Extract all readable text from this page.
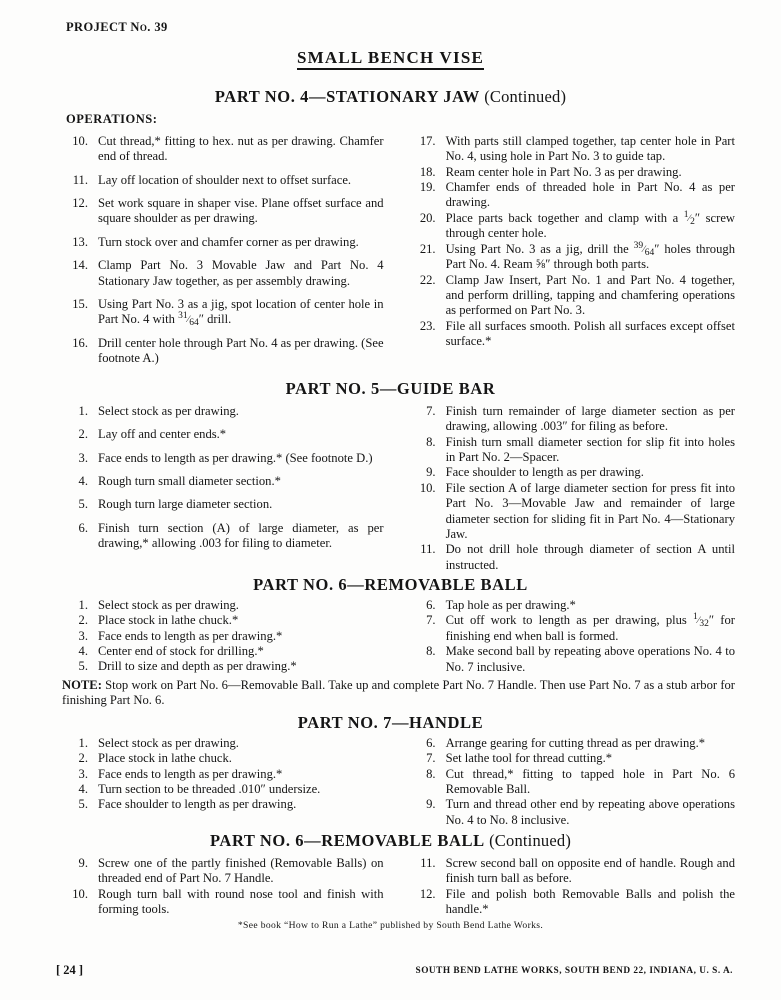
PROJECT No. 39
SMALL BENCH VISE
PART NO. 4—STATIONARY JAW (Continued)
OPERATIONS:
10. Cut thread,* fitting to hex. nut as per drawing. Chamfer end of thread.
11. Lay off location of shoulder next to offset surface.
12. Set work square in shaper vise. Plane offset surface and square shoulder as per drawing.
13. Turn stock over and chamfer corner as per drawing.
14. Clamp Part No. 3 Movable Jaw and Part No. 4 Stationary Jaw together, as per assembly drawing.
15. Using Part No. 3 as a jig, spot location of center hole in Part No. 4 with $^{31}⁄_{64}''$ drill.
16. Drill center hole through Part No. 4 as per drawing. (See footnote A.)
17. With parts still clamped together, tap center hole in Part No. 4, using hole in Part No. 3 to guide tap.
18. Ream center hole in Part No. 3 as per drawing.
19. Chamfer ends of threaded hole in Part No. 4 as per drawing.
20. Place parts back together and clamp with a $^1⁄_2''$ screw through center hole.
21. Using Part No. 3 as a jig, drill the $^{39}⁄_{64}''$ holes through Part No. 4. Ream ⅝″ through both parts.
22. Clamp Jaw Insert, Part No. 1 and Part No. 4 together, and perform drilling, tapping and chamfering operations as performed on Part No. 3.
23. File all surfaces smooth. Polish all surfaces except offset surface.*
PART NO. 5—GUIDE BAR
1. Select stock as per drawing.
2. Lay off and center ends.*
3. Face ends to length as per drawing.* (See footnote D.)
4. Rough turn small diameter section.*
5. Rough turn large diameter section.
6. Finish turn section (A) of large diameter, as per drawing,* allowing .003 for filing to diameter.
7. Finish turn remainder of large diameter section as per drawing, allowing .003″ for filing as before.
8. Finish turn small diameter section for slip fit into holes in Part No. 2—Spacer.
9. Face shoulder to length as per drawing.
10. File section A of large diameter section for press fit into Part No. 3—Movable Jaw and remainder of large diameter section for sliding fit in Part No. 4—Stationary Jaw.
11. Do not drill hole through diameter of section A until instructed.
PART NO. 6—REMOVABLE BALL
1. Select stock as per drawing.
2. Place stock in lathe chuck.*
3. Face ends to length as per drawing.*
4. Center end of stock for drilling.*
5. Drill to size and depth as per drawing.*
6. Tap hole as per drawing.*
7. Cut off work to length as per drawing, plus $^1⁄_{32}''$ for finishing end when ball is formed.
8. Make second ball by repeating above operations No. 4 to No. 7 inclusive.
NOTE: Stop work on Part No. 6—Removable Ball. Take up and complete Part No. 7 Handle. Then use Part No. 7 as a stub arbor for finishing Part No. 6.
PART NO. 7—HANDLE
1. Select stock as per drawing.
2. Place stock in lathe chuck.
3. Face ends to length as per drawing.*
4. Turn section to be threaded .010″ undersize.
5. Face shoulder to length as per drawing.
6. Arrange gearing for cutting thread as per drawing.*
7. Set lathe tool for thread cutting.*
8. Cut thread,* fitting to tapped hole in Part No. 6 Removable Ball.
9. Turn and thread other end by repeating above operations No. 4 to No. 8 inclusive.
PART NO. 6—REMOVABLE BALL (Continued)
9. Screw one of the partly finished (Removable Balls) on threaded end of Part No. 7 Handle.
10. Rough turn ball with round nose tool and finish with forming tools.
11. Screw second ball on opposite end of handle. Rough and finish turn ball as before.
12. File and polish both Removable Balls and polish the handle.*
*See book “How to Run a Lathe” published by South Bend Lathe Works.
[ 24 ]	SOUTH BEND LATHE WORKS, SOUTH BEND 22, INDIANA, U. S. A.
